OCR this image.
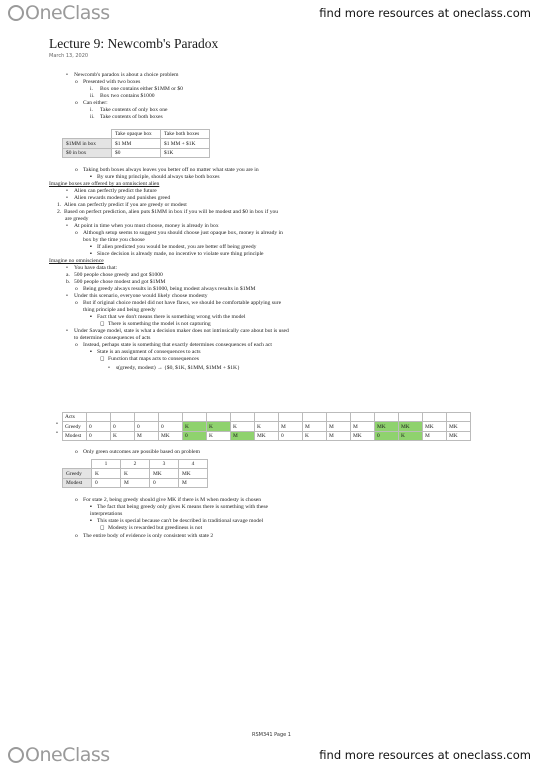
OneClass	find more resources at oneclass.com
Lecture 9: Newcomb's Paradox
March 13, 2020
• Newcomb's paradox is about a choice problem
o Presented with two boxes
i. Box one contains either $1MM or $0
ii. Box two contains $1000
o Can either:
i. Take contents of only box one
ii. Take contents of both boxes
o Taking both boxes always leaves you better off no matter what state you are in
▪ By sure thing principle, should always take both boxes
Imagine boxes are offered by an omniscient alien
• Alien can perfectly predict the future
• Alien rewards modesty and punishes greed
1. Alien can perfectly predict if you are greedy or modest
2. Based on perfect prediction, alien puts $1MM in box if you will be modest and $0 in box if you
are greedy
• At point in time when you must choose, money is already in box
o Although setup seems to suggest you should choose just opaque box, money is already in
box by the time you choose
▪ If alien predicted you would be modest, you are better off being greedy
▪ Since decision is already made, no incentive to violate sure thing principle
Imagine no omniscience
• You have data that:
a. 500 people chose greedy and got $1000
b. 500 people chose modest and got $1MM
o Being greedy always results in $1000, being modest always results in $1MM
• Under this scenario, everyone would likely choose modesty
o But if original choice model did not have flaws, we should be comfortable applying sure
thing principle and being greedy
▪ Fact that we don't means there is something wrong with the model
◻ There is something the model is not capturing
• Under Savage model, state is what a decision maker does not intrinsically care about but is used
to determine consequences of acts
o Instead, perhaps state is something that exactly determines consequences of each act
▪ State is an assignment of consequences to acts
◻ Function that maps acts to consequences
• s(greedy, modest) → {$0, $1K, $1MM, $1MM + $1K}
o Only green outcomes are possible based on problem
o For state 2, being greedy should give MK if there is M when modesty is chosen
▪ The fact that being greedy only gives K means there is something with these
interpretations
▪ This state is special because can't be described in traditional savage model
◻ Modesty is rewarded but greediness is not
o The entire body of evidence is only consistent with state 2
	Take opaque box	Take both boxes
$1MM in box	$1 MM	$1 MM + $1K
$0 in box	$0	$1K
Acts																
Greedy	0	0	0	0	K	K	K	K	M	M	M	M	MK	MK	MK	MK
Modest	0	K	M	MK	0	K	M	MK	0	K	M	MK	0	K	M	MK
	1	2	3	4
Greedy	K	K	MK	MK
Modest	0	M	0	M
RSM341 Page 1
OneClass	find more resources at oneclass.com
•
•
